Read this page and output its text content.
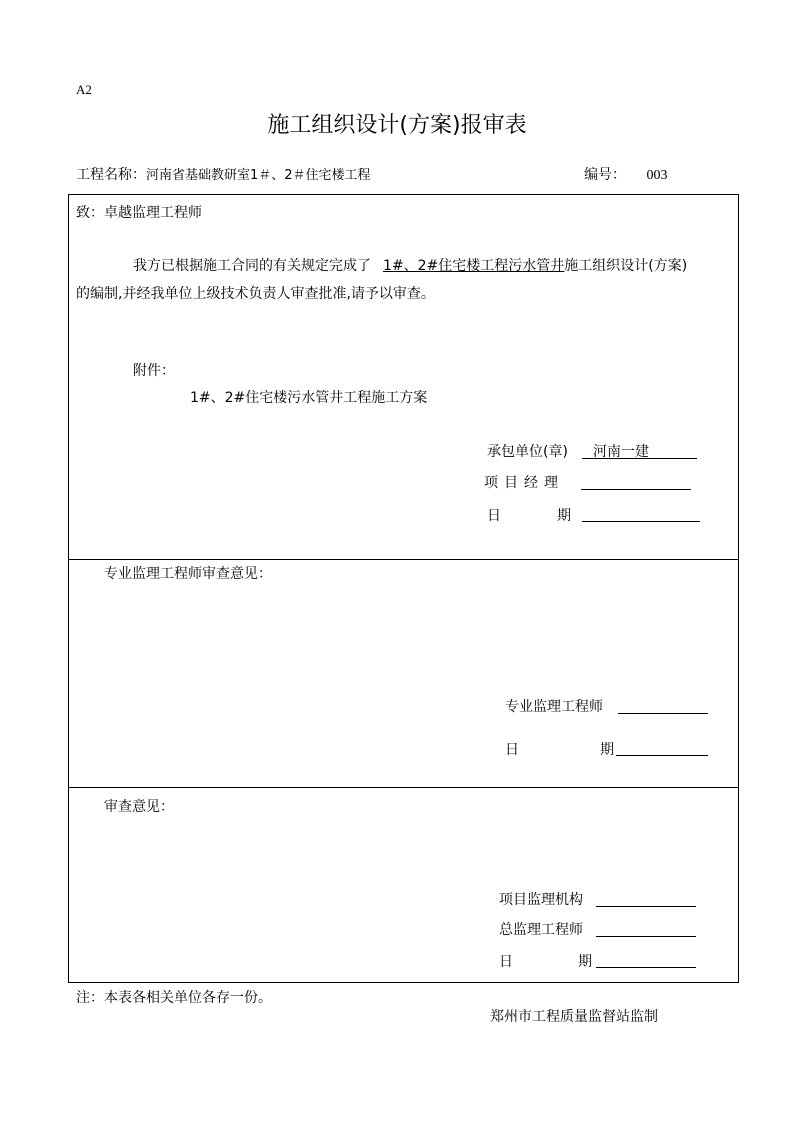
A2
施工组织设计(方案)报审表
工程名称：河南省基础教研室1＃、2＃住宅楼工程	编号： 003
致：卓越监理工程师
我方已根据施工合同的有关规定完成了 1#、2#住宅楼工程污水管井施工组织设计(方案)
的编制,并经我单位上级技术负责人审查批准,请予以审查。
附件：
1#、2#住宅楼污水管井工程施工方案
承包单位(章) 河南一建
项目经理
日	期
专业监理工程师审查意见：
专业监理工程师
日	期
审查意见：
项目监理机构
总监理工程师
日	期
注：本表各相关单位各存一份。
郑州市工程质量监督站监制
